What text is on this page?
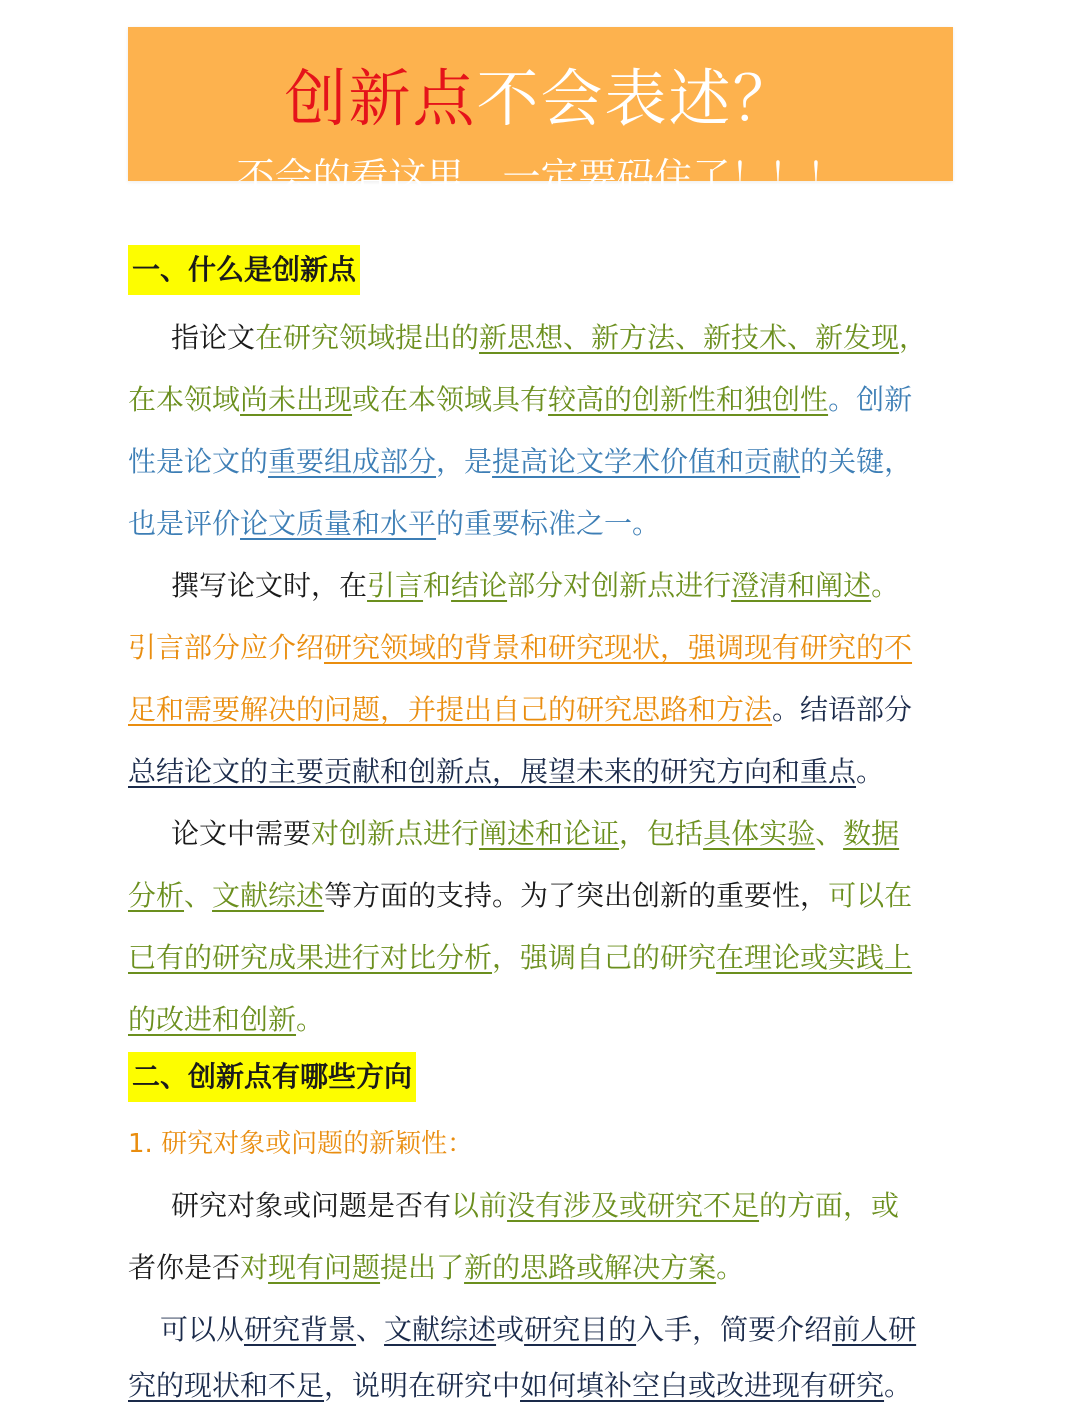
创新点不会表述？
不会的看这里，一定要码住了！！！
一、什么是创新点
指论文在研究领域提出的新思想、新方法、新技术、新发现，
在本领域尚未出现或在本领域具有较高的创新性和独创性。创新
性是论文的重要组成部分，是提高论文学术价值和贡献的关键，
也是评价论文质量和水平的重要标准之一。
撰写论文时，在引言和结论部分对创新点进行澄清和阐述。
引言部分应介绍研究领域的背景和研究现状，强调现有研究的不
足和需要解决的问题，并提出自己的研究思路和方法。结语部分
总结论文的主要贡献和创新点，展望未来的研究方向和重点。
论文中需要对创新点进行阐述和论证，包括具体实验、数据
分析、文献综述等方面的支持。为了突出创新的重要性，可以在
已有的研究成果进行对比分析，强调自己的研究在理论或实践上
的改进和创新。
二、创新点有哪些方向
1. 研究对象或问题的新颖性：
研究对象或问题是否有以前没有涉及或研究不足的方面，或
者你是否对现有问题提出了新的思路或解决方案。
可以从研究背景、文献综述或研究目的入手，简要介绍前人研
究的现状和不足，说明在研究中如何填补空白或改进现有研究。
